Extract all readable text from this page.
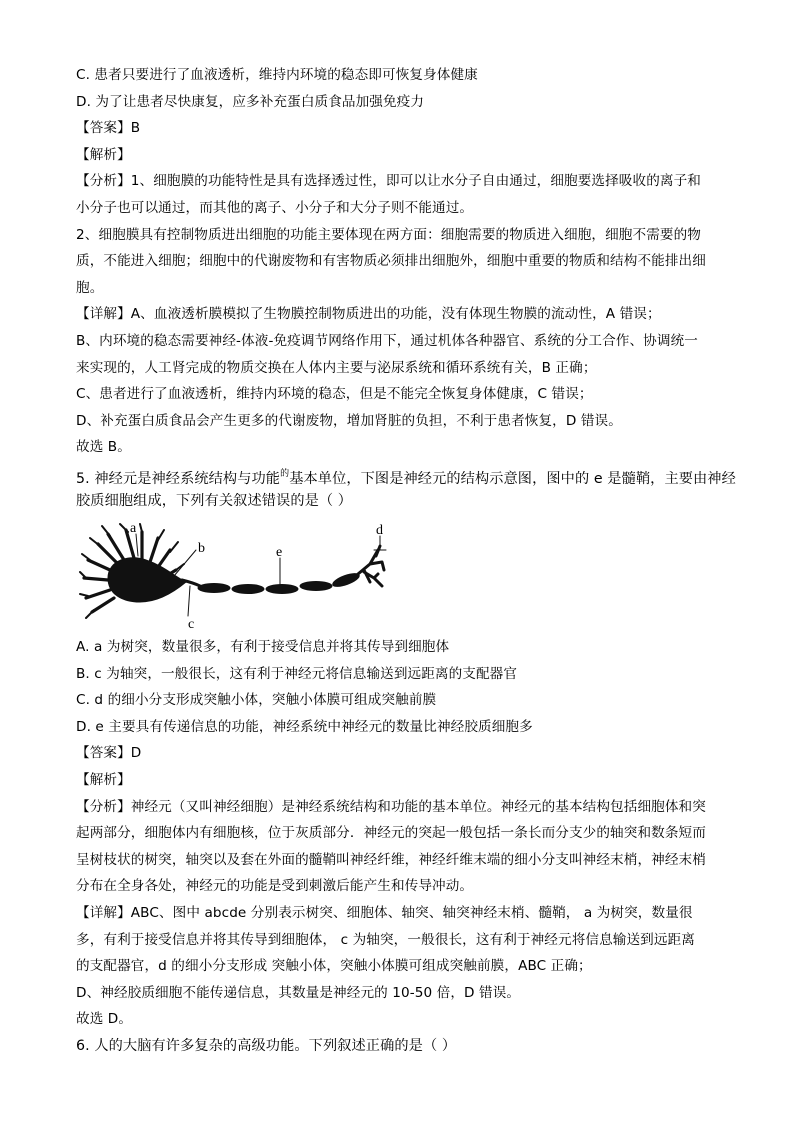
C. 患者只要进行了血液透析，维持内环境的稳态即可恢复身体健康
D. 为了让患者尽快康复，应多补充蛋白质食品加强免疫力
【答案】B
【解析】
【分析】1、细胞膜的功能特性是具有选择透过性，即可以让水分子自由通过，细胞要选择吸收的离子和
小分子也可以通过，而其他的离子、小分子和大分子则不能通过。
2、细胞膜具有控制物质进出细胞的功能主要体现在两方面：细胞需要的物质进入细胞，细胞不需要的物
质，不能进入细胞；细胞中的代谢废物和有害物质必须排出细胞外，细胞中重要的物质和结构不能排出细
胞。
【详解】A、血液透析膜模拟了生物膜控制物质进出的功能，没有体现生物膜的流动性，A 错误；
B、内环境的稳态需要神经-体液-免疫调节网络作用下，通过机体各种器官、系统的分工合作、协调统一
来实现的，人工肾完成的物质交换在人体内主要与泌尿系统和循环系统有关，B 正确；
C、患者进行了血液透析，维持内环境的稳态，但是不能完全恢复身体健康，C 错误；
D、补充蛋白质食品会产生更多的代谢废物，增加肾脏的负担，不利于患者恢复，D 错误。
故选 B。
5. 神经元是神经系统结构与功能$^的$基本单位，下图是神经元的结构示意图，图中的 e 是髓鞘，主要由神经
胶质细胞组成，下列有关叙述错误的是（ ）
a
b
c
d
e
A. a 为树突，数量很多，有利于接受信息并将其传导到细胞体
B. c 为轴突，一般很长，这有利于神经元将信息输送到远距离的支配器官
C. d 的细小分支形成突触小体，突触小体膜可组成突触前膜
D. e 主要具有传递信息的功能，神经系统中神经元的数量比神经胶质细胞多
【答案】D
【解析】
【分析】神经元（又叫神经细胞）是神经系统结构和功能的基本单位。神经元的基本结构包括细胞体和突
起两部分，细胞体内有细胞核，位于灰质部分．神经元的突起一般包括一条长而分支少的轴突和数条短而
呈树枝状的树突，轴突以及套在外面的髓鞘叫神经纤维，神经纤维末端的细小分支叫神经末梢，神经末梢
分布在全身各处，神经元的功能是受到刺激后能产生和传导冲动。
【详解】ABC、图中 abcde 分别表示树突、细胞体、轴突、轴突神经末梢、髓鞘， a 为树突，数量很
多，有利于接受信息并将其传导到细胞体， c 为轴突，一般很长，这有利于神经元将信息输送到远距离
的支配器官，d 的细小分支形成 突触小体，突触小体膜可组成突触前膜，ABC 正确；
D、神经胶质细胞不能传递信息，其数量是神经元的 10-50 倍，D 错误。
故选 D。
6. 人的大脑有许多复杂的高级功能。下列叙述正确的是（ ）
